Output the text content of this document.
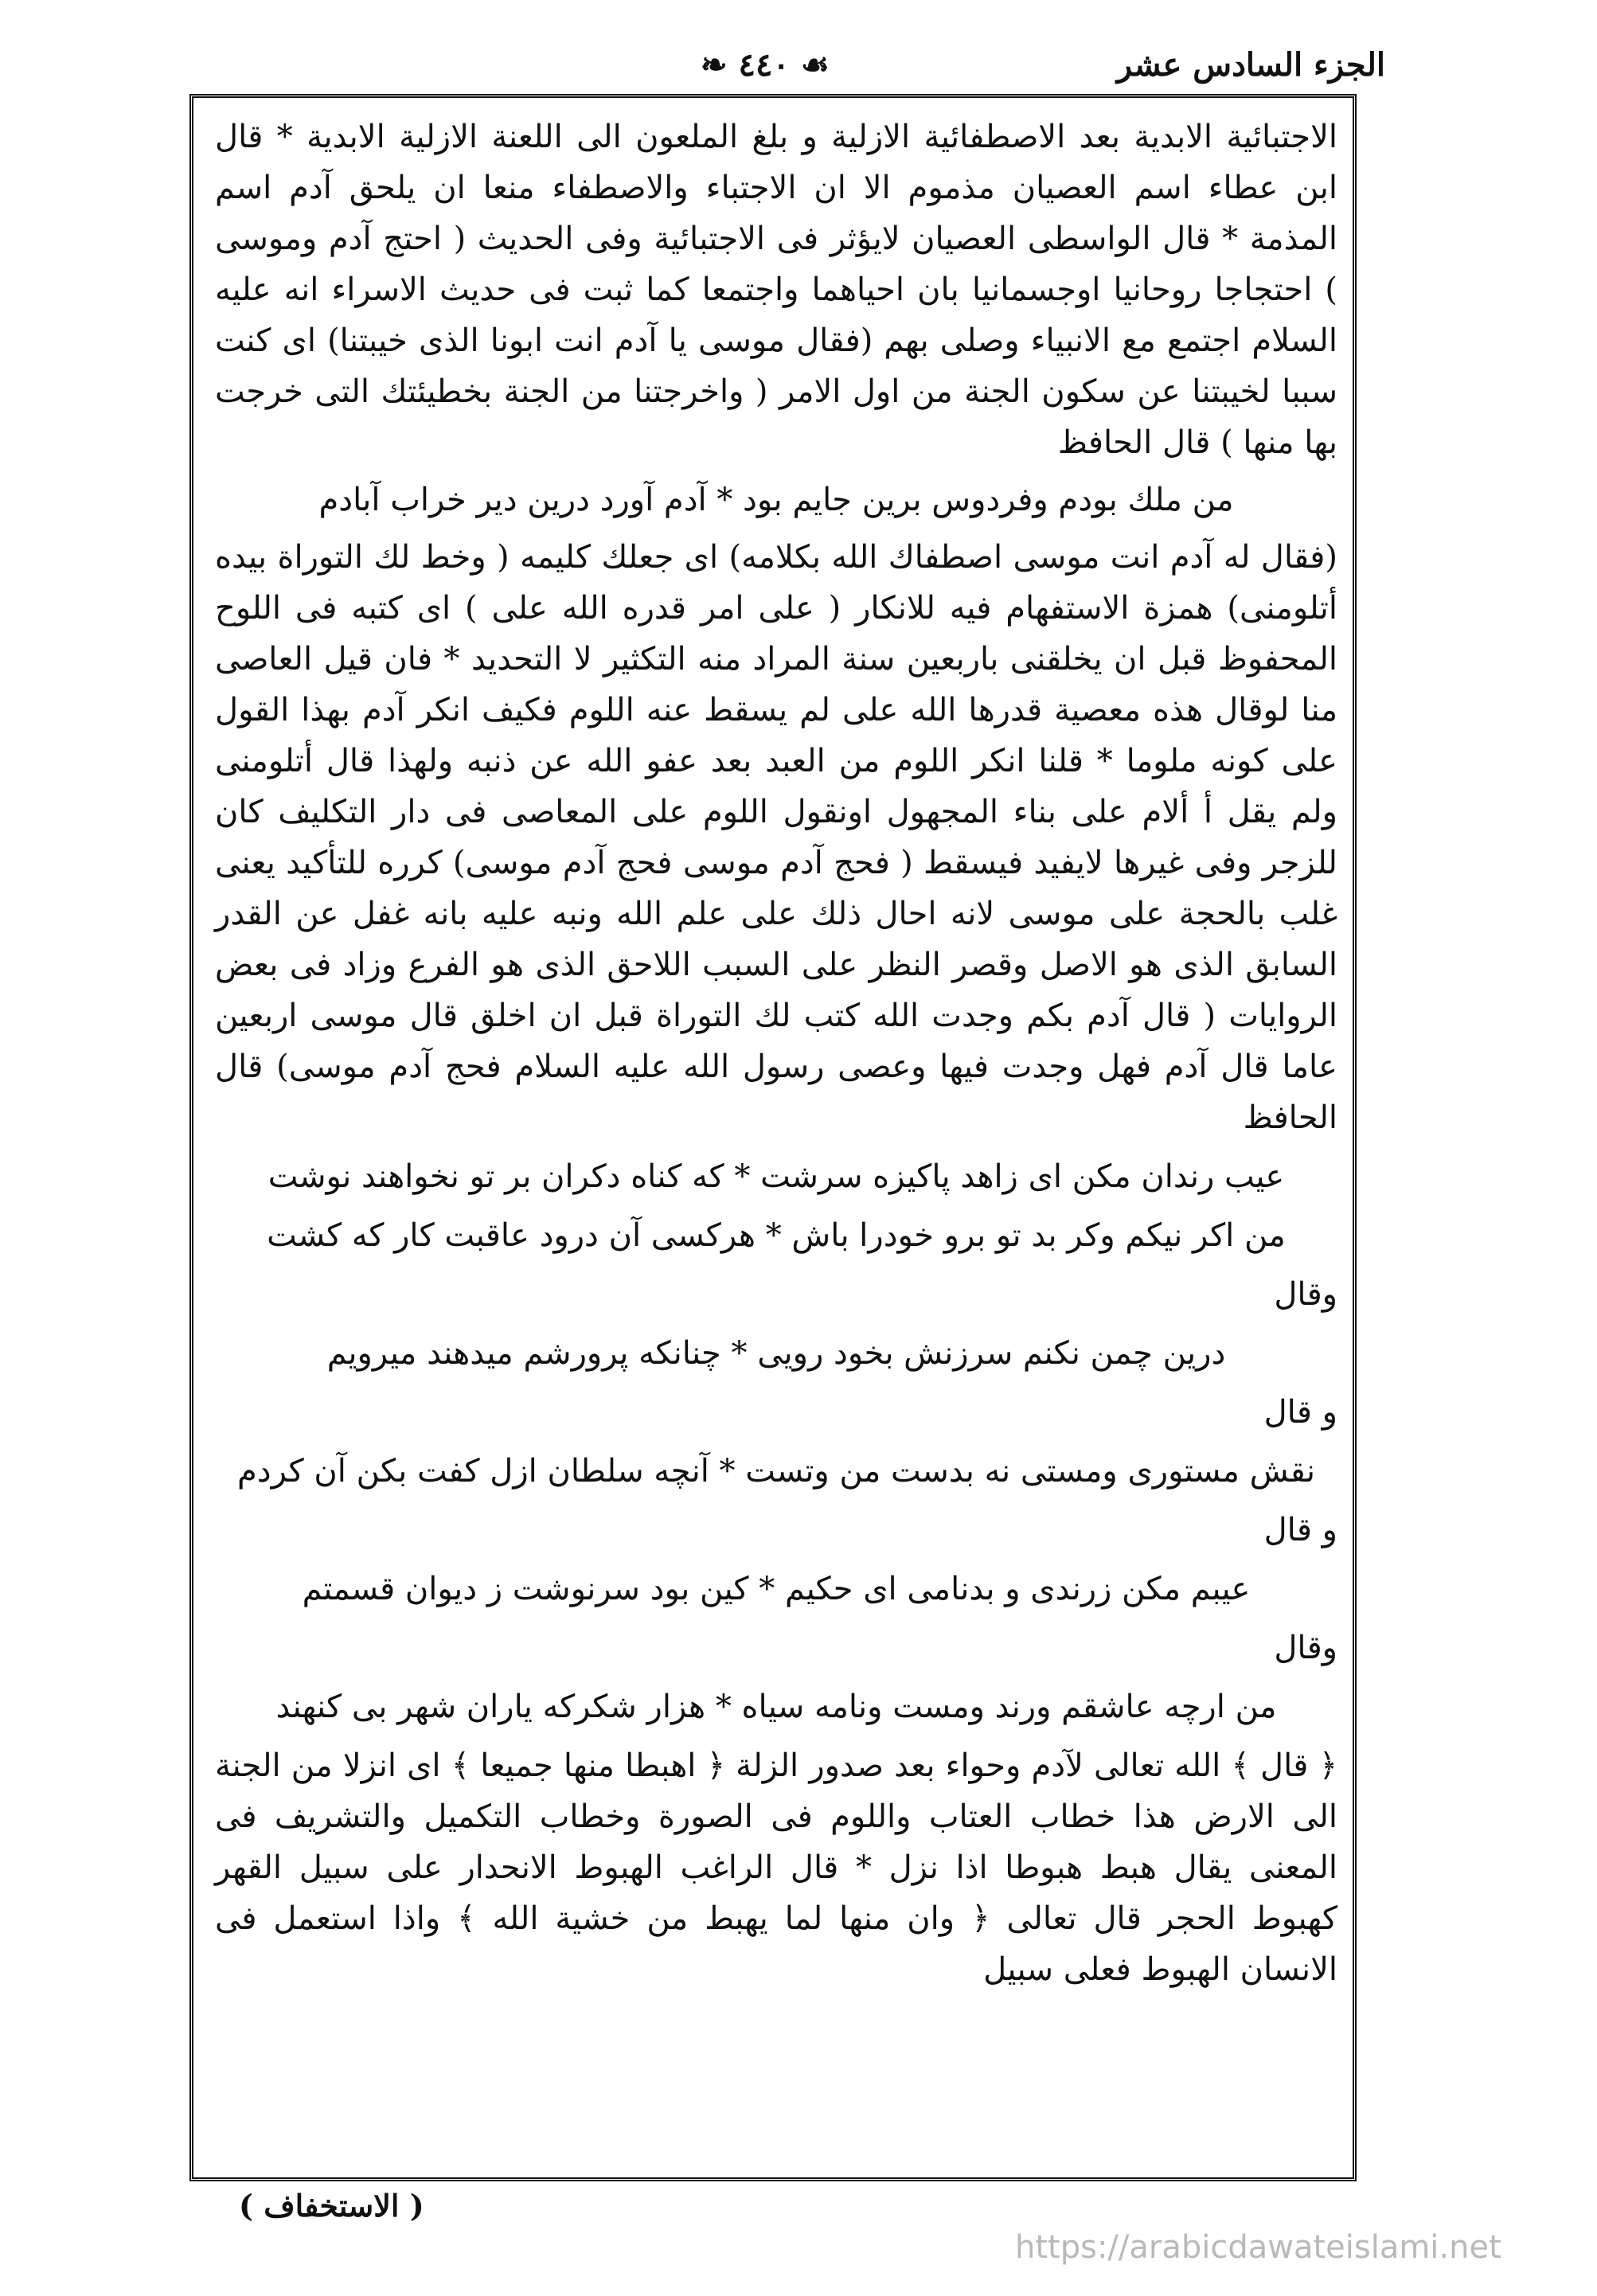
❧ ٤٤٠ ☙	الجزء السادس عشر

الاجتبائية الابدية بعد الاصطفائية الازلية و بلغ الملعون الى اللعنة الازلية الابدية * قال ابن عطاء اسم العصيان مذموم الا ان الاجتباء والاصطفاء منعا ان يلحق آدم اسم المذمة * قال الواسطى العصيان لايؤثر فى الاجتبائية وفى الحديث ( احتج آدم وموسى ) احتجاجا روحانيا اوجسمانيا بان احياهما واجتمعا كما ثبت فى حديث الاسراء انه عليه السلام اجتمع مع الانبياء وصلى بهم (فقال موسى يا آدم انت ابونا الذى خيبتنا) اى كنت سببا لخيبتنا عن سكون الجنة من اول الامر ( واخرجتنا من الجنة بخطيئتك التى خرجت بها منها ) قال الحافظ

من ملك بودم وفردوس برين جايم بود * آدم آورد درين دير خراب آبادم

(فقال له آدم انت موسى اصطفاك الله بكلامه) اى جعلك كليمه ( وخط لك التوراة بيده أتلومنى) همزة الاستفهام فيه للانكار ( على امر قدره الله على ) اى كتبه فى اللوح المحفوظ قبل ان يخلقنى باربعين سنة المراد منه التكثير لا التحديد * فان قيل العاصى منا لوقال هذه معصية قدرها الله على لم يسقط عنه اللوم فكيف انكر آدم بهذا القول على كونه ملوما * قلنا انكر اللوم من العبد بعد عفو الله عن ذنبه ولهذا قال أتلومنى ولم يقل أ ألام على بناء المجهول اونقول اللوم على المعاصى فى دار التكليف كان للزجر وفى غيرها لايفيد فيسقط ( فحج آدم موسى فحج آدم موسى) كرره للتأكيد يعنى غلب بالحجة على موسى لانه احال ذلك على علم الله ونبه عليه بانه غفل عن القدر السابق الذى هو الاصل وقصر النظر على السبب اللاحق الذى هو الفرع وزاد فى بعض الروايات ( قال آدم بكم وجدت الله كتب لك التوراة قبل ان اخلق قال موسى اربعين عاما قال آدم فهل وجدت فيها وعصى رسول الله عليه السلام فحج آدم موسى) قال الحافظ

عيب رندان مكن اى زاهد پاكيزه سرشت * كه كناه دكران بر تو نخواهند نوشت
من اكر نيكم وكر بد تو برو خودرا باش * هركسى آن درود عاقبت كار كه كشت
وقال
درين چمن نكنم سرزنش بخود رويى * چنانكه پرورشم ميدهند ميرويم
و قال
نقش مستورى ومستى نه بدست من وتست * آنچه سلطان ازل كفت بكن آن كردم
و قال
عيبم مكن زرندى و بدنامى اى حكيم * كين بود سرنوشت ز ديوان قسمتم
وقال
من ارچه عاشقم ورند ومست ونامه سياه * هزار شكركه ياران شهر بى كنهند

﴿ قال ﴾ الله تعالى لآدم وحواء بعد صدور الزلة ﴿ اهبطا منها جميعا ﴾ اى انزلا من الجنة الى الارض هذا خطاب العتاب واللوم فى الصورة وخطاب التكميل والتشريف فى المعنى يقال هبط هبوطا اذا نزل * قال الراغب الهبوط الانحدار على سبيل القهر كهبوط الحجر قال تعالى ﴿ وان منها لما يهبط من خشية الله ﴾ واذا استعمل فى الانسان الهبوط فعلى سبيل

( الاستخفاف )
https://arabicdawateislami.net
